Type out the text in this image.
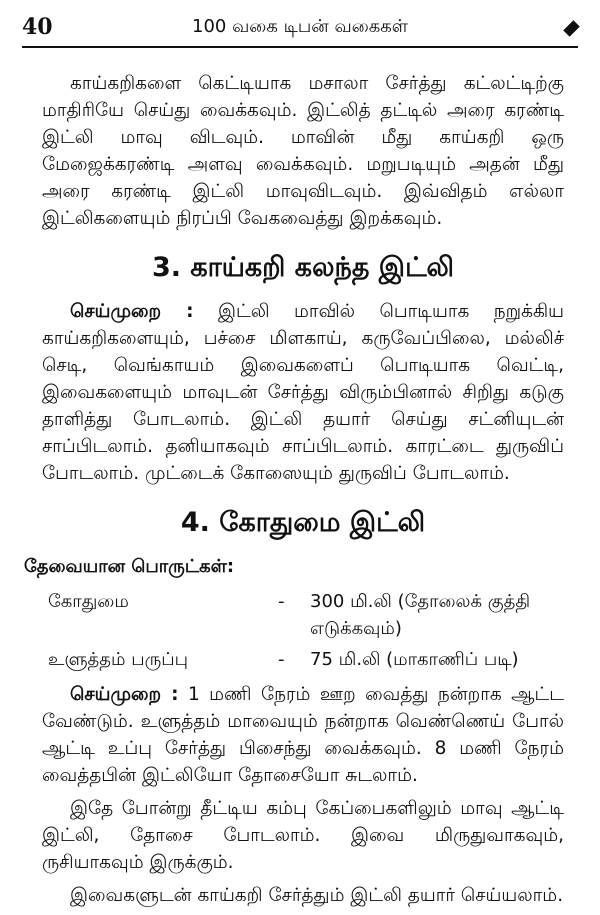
40	100 வகை டிபன் வகைகள்

காய்கறிகளை கெட்டியாக மசாலா சேர்த்து கட்லட்டிற்கு மாதிரியே செய்து வைக்கவும். இட்லித் தட்டில் அரை கரண்டி இட்லி மாவு விடவும். மாவின் மீது காய்கறி ஒரு மேஜைக்கரண்டி அளவு வைக்கவும். மறுபடியும் அதன் மீது அரை கரண்டி இட்லி மாவுவிடவும். இவ்விதம் எல்லா இட்லிகளையும் நிரப்பி வேகவைத்து இறக்கவும்.

3. காய்கறி கலந்த இட்லி

செய்முறை : இட்லி மாவில் பொடியாக நறுக்கிய காய்கறிகளையும், பச்சை மிளகாய், கருவேப்பிலை, மல்லிச் செடி, வெங்காயம் இவைகளைப் பொடியாக வெட்டி, இவைகளையும் மாவுடன் சேர்த்து விரும்பினால் சிறிது கடுகு தாளித்து போடலாம். இட்லி தயார் செய்து சட்னியுடன் சாப்பிடலாம். தனியாகவும் சாப்பிடலாம். காரட்டை துருவிப் போடலாம். முட்டைக் கோஸையும் துருவிப் போடலாம்.

4. கோதுமை இட்லி
தேவையான பொருட்கள்:
கோதுமை	-	300 மி.லி (தோலைக் குத்தி எடுக்கவும்)
உளுத்தம் பருப்பு	-	75 மி.லி (மாகாணிப் படி)

செய்முறை : 1 மணி நேரம் ஊற வைத்து நன்றாக ஆட்ட வேண்டும். உளுத்தம் மாவையும் நன்றாக வெண்ணெய் போல் ஆட்டி உப்பு சேர்த்து பிசைந்து வைக்கவும். 8 மணி நேரம் வைத்தபின் இட்லியோ தோசையோ சுடலாம்.

இதே போன்று தீட்டிய கம்பு கேப்பைகளிலும் மாவு ஆட்டி இட்லி, தோசை போடலாம். இவை மிருதுவாகவும், ருசியாகவும் இருக்கும்.

இவைகளுடன் காய்கறி சேர்த்தும் இட்லி தயார் செய்யலாம்.
